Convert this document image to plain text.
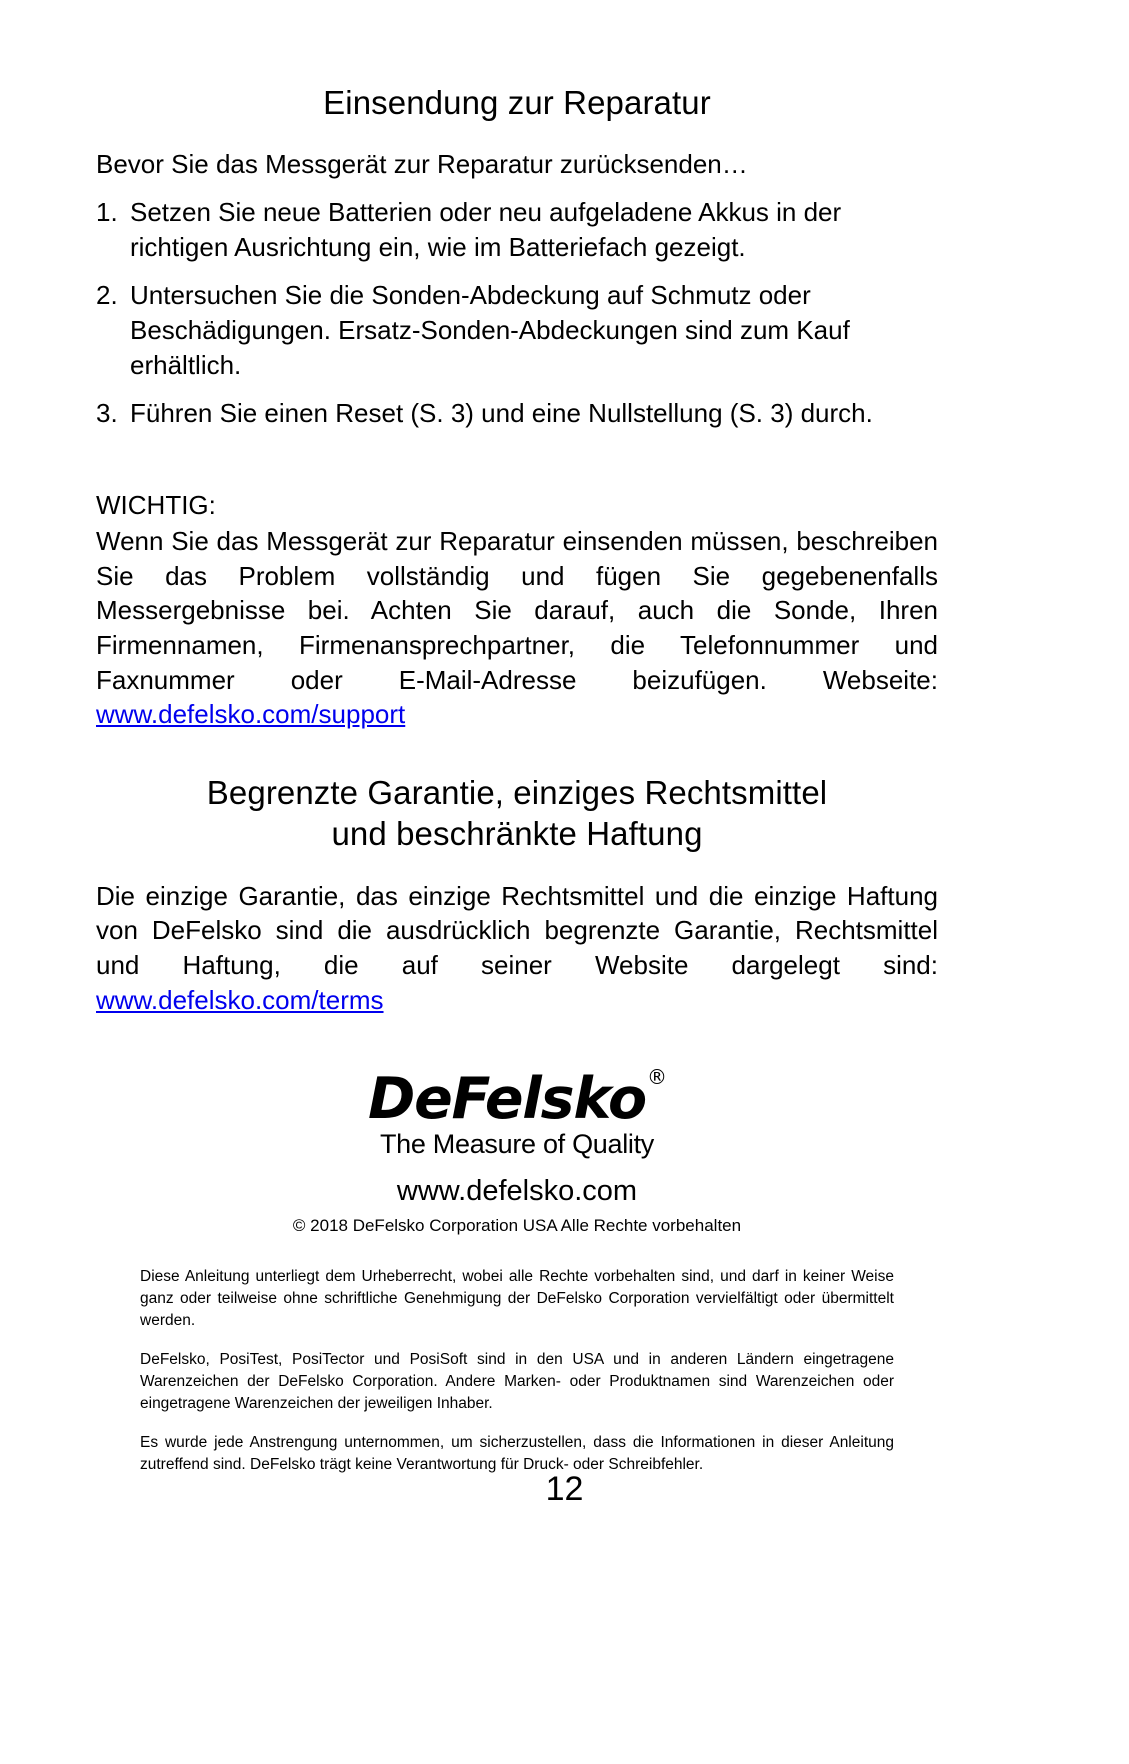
Einsendung zur Reparatur

Bevor Sie das Messgerät zur Reparatur zurücksenden…

1. Setzen Sie neue Batterien oder neu aufgeladene Akkus in der richtigen Ausrichtung ein, wie im Batteriefach gezeigt.
2. Untersuchen Sie die Sonden-Abdeckung auf Schmutz oder Beschädigungen. Ersatz-Sonden-Abdeckungen sind zum Kauf erhältlich.
3. Führen Sie einen Reset (S. 3) und eine Nullstellung (S. 3) durch.

WICHTIG:

Wenn Sie das Messgerät zur Reparatur einsenden müssen, beschreiben Sie das Problem vollständig und fügen Sie gegebenenfalls Messergebnisse bei. Achten Sie darauf, auch die Sonde, Ihren Firmennamen, Firmenansprechpartner, die Telefonnummer und Faxnummer oder E-Mail-Adresse beizufügen. Webseite: www.defelsko.com/support

Begrenzte Garantie, einziges Rechtsmittel
und beschränkte Haftung

Die einzige Garantie, das einzige Rechtsmittel und die einzige Haftung von DeFelsko sind die ausdrücklich begrenzte Garantie, Rechtsmittel und Haftung, die auf seiner Website dargelegt sind: www.defelsko.com/terms

DeFelsko®
The Measure of Quality
www.defelsko.com
© 2018 DeFelsko Corporation USA Alle Rechte vorbehalten

Diese Anleitung unterliegt dem Urheberrecht, wobei alle Rechte vorbehalten sind, und darf in keiner Weise ganz oder teilweise ohne schriftliche Genehmigung der DeFelsko Corporation vervielfältigt oder übermittelt werden.

DeFelsko, PosiTest, PosiTector und PosiSoft sind in den USA und in anderen Ländern eingetragene Warenzeichen der DeFelsko Corporation. Andere Marken- oder Produktnamen sind Warenzeichen oder eingetragene Warenzeichen der jeweiligen Inhaber.

Es wurde jede Anstrengung unternommen, um sicherzustellen, dass die Informationen in dieser Anleitung zutreffend sind. DeFelsko trägt keine Verantwortung für Druck- oder Schreibfehler.

12
